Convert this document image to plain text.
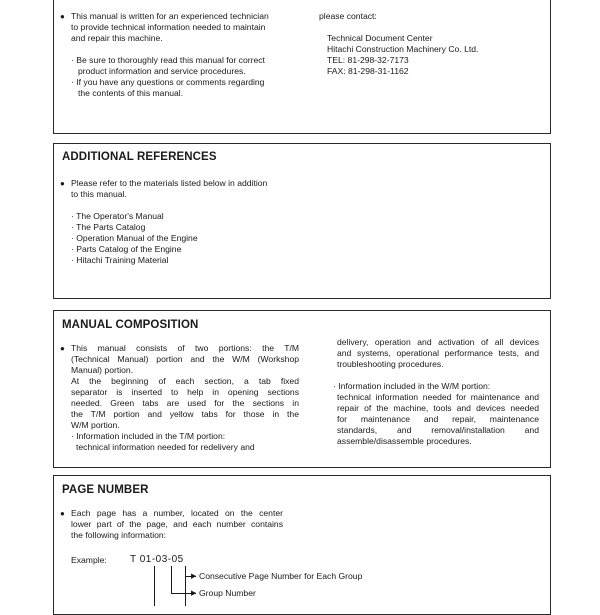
● This manual is written for an experienced technician
to provide technical information needed to maintain
and repair this machine.
· Be sure to thoroughly read this manual for correct
product information and service procedures.
· If you have any questions or comments regarding
the contents of this manual.
please contact:
Technical Document Center
Hitachi Construction Machinery Co. Ltd.
TEL: 81-298-32-7173
FAX: 81-298-31-1162
ADDITIONAL REFERENCES
● Please refer to the materials listed below in addition
to this manual.
· The Operator's Manual
· The Parts Catalog
· Operation Manual of the Engine
· Parts Catalog of the Engine
· Hitachi Training Material
MANUAL COMPOSITION
● This manual consists of two portions: the T/M
(Technical Manual) portion and the W/M (Workshop
Manual) portion.
At the beginning of each section, a tab fixed
separator is inserted to help in opening sections
needed. Green tabs are used for the sections in
the T/M portion and yellow tabs for those in the
W/M portion.
· Information included in the T/M portion:
technical information needed for redelivery and
delivery, operation and activation of all devices
and systems, operational performance tests, and
troubleshooting procedures.
· Information included in the W/M portion:
technical information needed for maintenance and
repair of the machine, tools and devices needed
for maintenance and repair, maintenance
standards, and removal/installation and
assemble/disassemble procedures.
PAGE NUMBER
● Each page has a number, located on the center
lower part of the page, and each number contains
the following information:
Example: T 01-03-05
▶
▶
Consecutive Page Number for Each Group
Group Number
